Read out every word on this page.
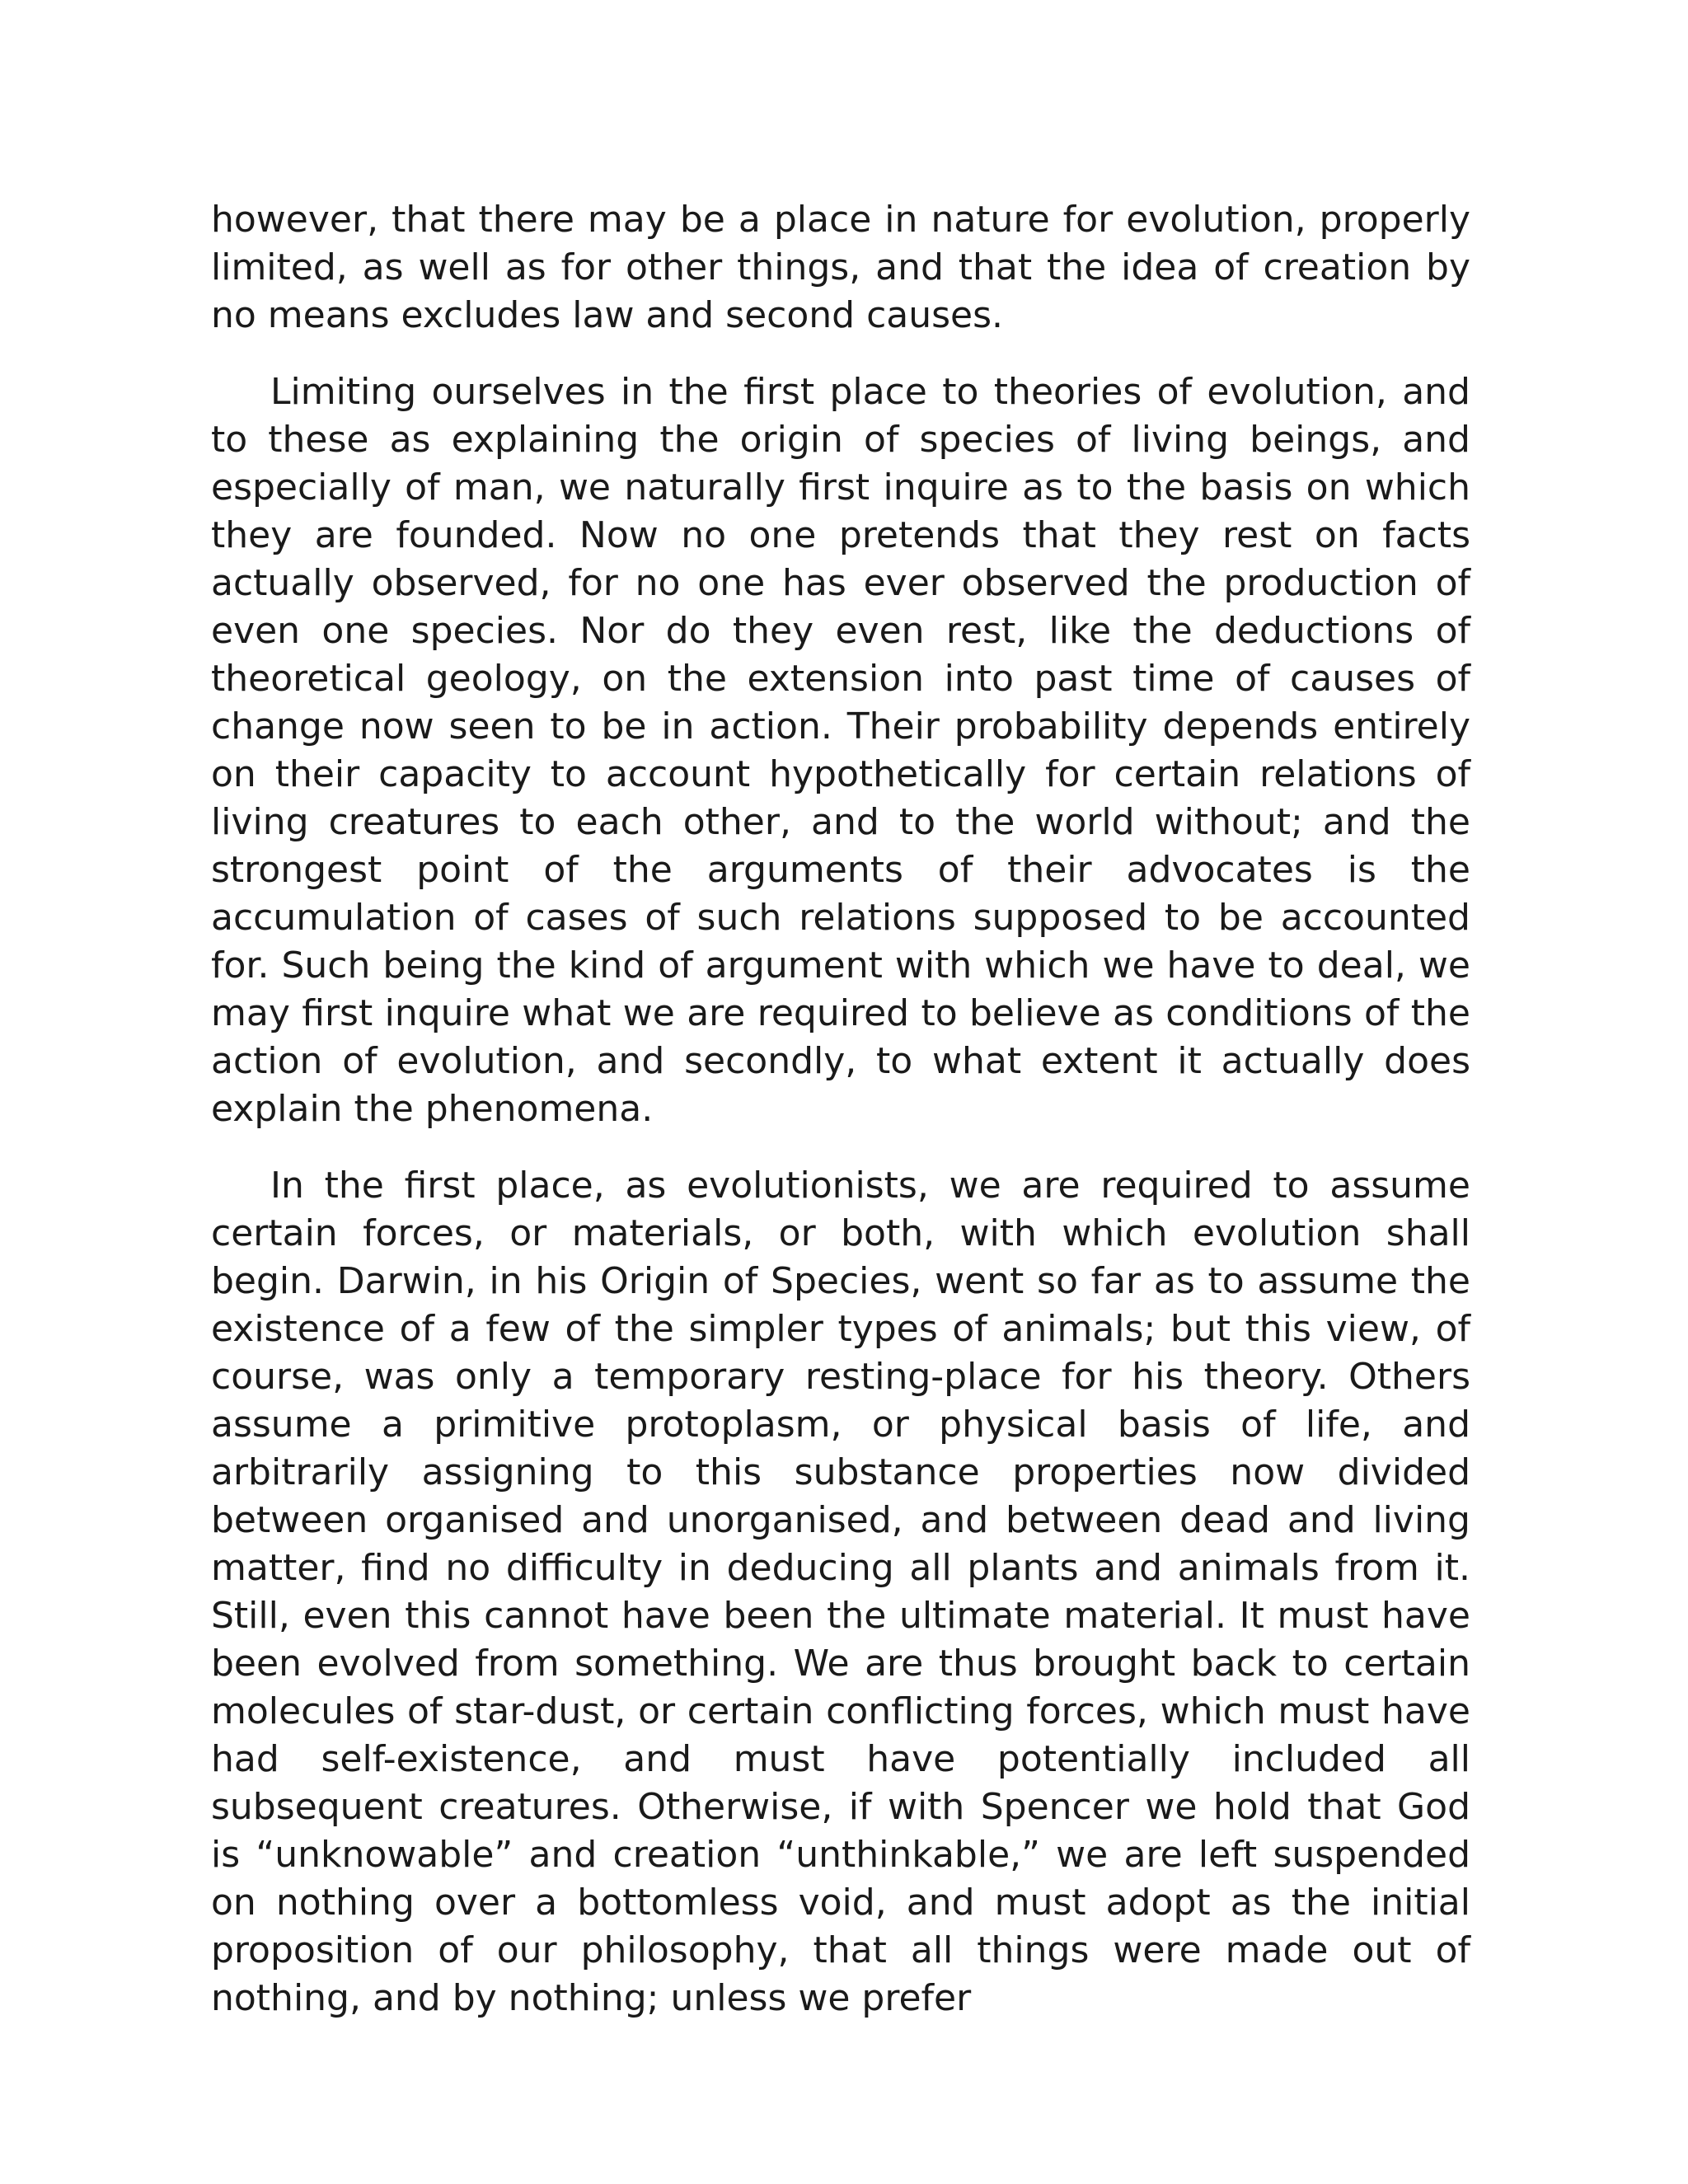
however, that there may be a place in nature for evolution, properly limited, as well as for other things, and that the idea of creation by no means excludes law and second causes.

Limiting ourselves in the first place to theories of evolution, and to these as explaining the origin of species of living beings, and especially of man, we naturally first inquire as to the basis on which they are founded. Now no one pretends that they rest on facts actually observed, for no one has ever observed the production of even one species. Nor do they even rest, like the deductions of theoretical geology, on the extension into past time of causes of change now seen to be in action. Their probability depends entirely on their capacity to account hypothetically for certain relations of living creatures to each other, and to the world without; and the strongest point of the arguments of their advocates is the accumulation of cases of such relations supposed to be accounted for. Such being the kind of argument with which we have to deal, we may first inquire what we are required to believe as conditions of the action of evolution, and secondly, to what extent it actually does explain the phenomena.

In the first place, as evolutionists, we are required to assume certain forces, or materials, or both, with which evolution shall begin. Darwin, in his Origin of Species, went so far as to assume the existence of a few of the simpler types of animals; but this view, of course, was only a temporary resting-place for his theory. Others assume a primitive protoplasm, or physical basis of life, and arbitrarily assigning to this substance properties now divided between organised and unorganised, and between dead and living matter, find no difficulty in deducing all plants and animals from it. Still, even this cannot have been the ultimate material. It must have been evolved from something. We are thus brought back to certain molecules of star-dust, or certain conflicting forces, which must have had self-existence, and must have potentially included all subsequent creatures. Otherwise, if with Spencer we hold that God is “unknowable” and creation “unthinkable,” we are left suspended on nothing over a bottomless void, and must adopt as the initial proposition of our philosophy, that all things were made out of nothing, and by nothing; unless we prefer
